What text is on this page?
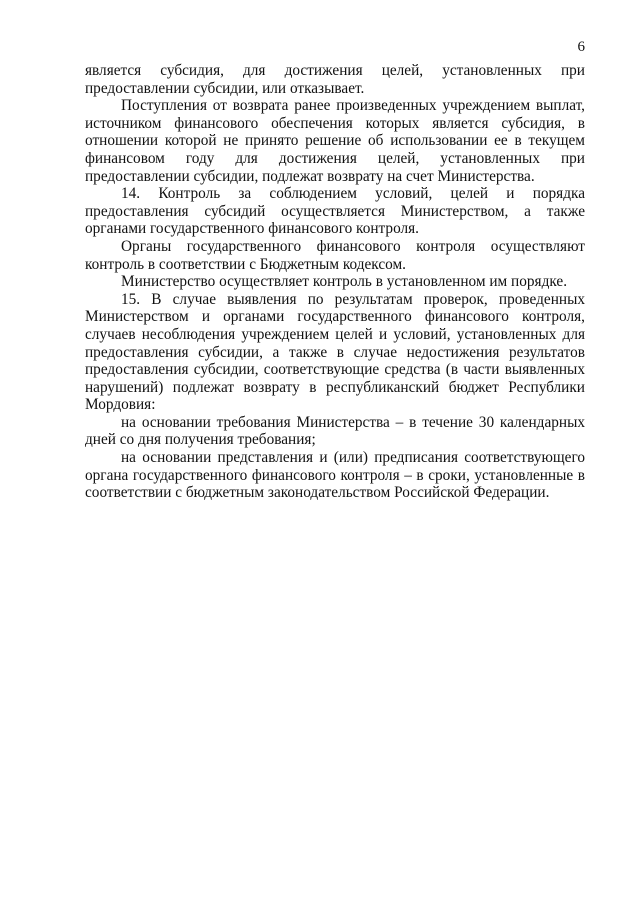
6

является субсидия, для достижения целей, установленных при предоставлении субсидии, или отказывает.

Поступления от возврата ранее произведенных учреждением выплат, источником финансового обеспечения которых является субсидия, в отношении которой не принято решение об использовании ее в текущем финансовом году для достижения целей, установленных при предоставлении субсидии, подлежат возврату на счет Министерства.

14. Контроль за соблюдением условий, целей и порядка предоставления субсидий осуществляется Министерством, а также органами государственного финансового контроля.

Органы государственного финансового контроля осуществляют контроль в соответствии с Бюджетным кодексом.

Министерство осуществляет контроль в установленном им порядке.

15. В случае выявления по результатам проверок, проведенных Министерством и органами государственного финансового контроля, случаев несоблюдения учреждением целей и условий, установленных для предоставления субсидии, а также в случае недостижения результатов предоставления субсидии, соответствующие средства (в части выявленных нарушений) подлежат возврату в республиканский бюджет Республики Мордовия:

на основании требования Министерства – в течение 30 календарных дней со дня получения требования;

на основании представления и (или) предписания соответствующего органа государственного финансового контроля – в сроки, установленные в соответствии с бюджетным законодательством Российской Федерации.
